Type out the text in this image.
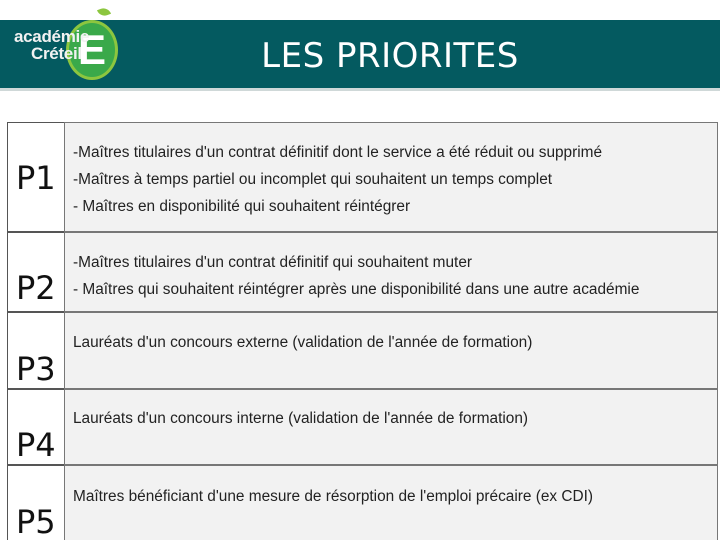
E
académie
Créteil	LES PRIORITES
P1
-Maîtres titulaires d'un contrat définitif dont le service a été réduit ou supprimé
-Maîtres à temps partiel ou incomplet qui souhaitent un temps complet
- Maîtres en disponibilité qui souhaitent réintégrer
P2
-Maîtres titulaires d'un contrat définitif qui souhaitent muter
- Maîtres qui souhaitent réintégrer après une disponibilité dans une autre académie
P3
Lauréats d'un concours externe (validation de l'année de formation)
P4
Lauréats d'un concours interne (validation de l'année de formation)
P5
Maîtres bénéficiant d'une mesure de résorption de l'emploi précaire (ex CDI)
